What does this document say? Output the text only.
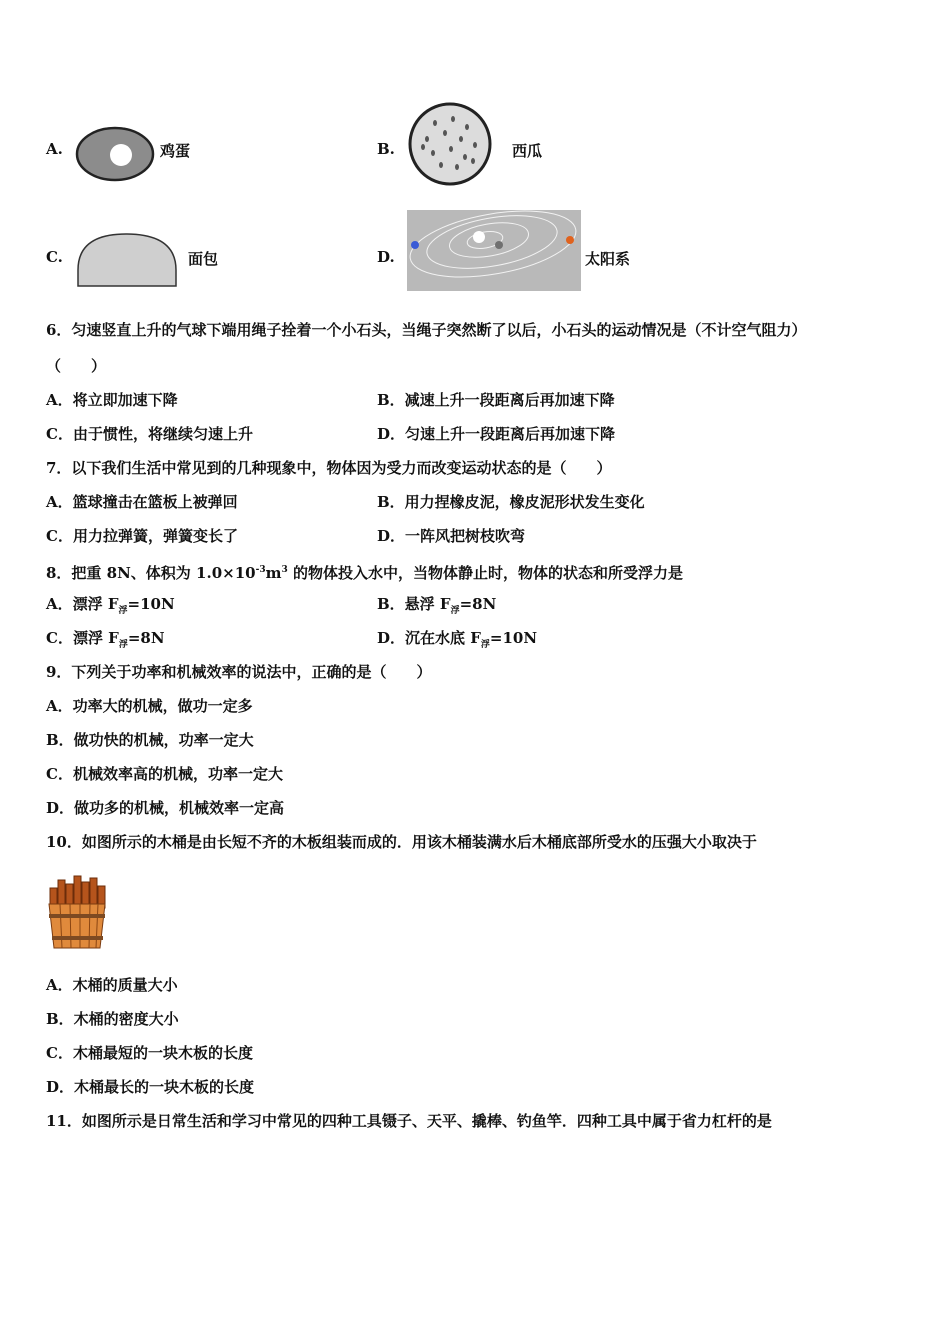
A.	鸡蛋	B.	西瓜
C.	面包	D.	太阳系
6．匀速竖直上升的气球下端用绳子拴着一个小石头，当绳子突然断了以后，小石头的运动情况是（不计空气阻力）
（　　）
A．将立即加速下降	B．减速上升一段距离后再加速下降
C．由于惯性，将继续匀速上升	D．匀速上升一段距离后再加速下降
7．以下我们生活中常见到的几种现象中，物体因为受力而改变运动状态的是（　　）
A．篮球撞击在篮板上被弹回	B．用力捏橡皮泥，橡皮泥形状发生变化
C．用力拉弹簧，弹簧变长了	D．一阵风把树枝吹弯
8．把重 8N、体积为 $1.0\times 10^{-3}m^3$ 的物体投入水中，当物体静止时，物体的状态和所受浮力是
A．漂浮 $F_浮=10N$	B．悬浮 $F_浮=8N$
C．漂浮 $F_浮=8N$	D．沉在水底 $F_浮=10N$
9．下列关于功率和机械效率的说法中，正确的是（　　）
A．功率大的机械，做功一定多
B．做功快的机械，功率一定大
C．机械效率高的机械，功率一定大
D．做功多的机械，机械效率一定高
10．如图所示的木桶是由长短不齐的木板组装而成的．用该木桶装满水后木桶底部所受水的压强大小取决于
A．木桶的质量大小
B．木桶的密度大小
C．木桶最短的一块木板的长度
D．木桶最长的一块木板的长度
11．如图所示是日常生活和学习中常见的四种工具镊子、天平、撬棒、钓鱼竿．四种工具中属于省力杠杆的是
